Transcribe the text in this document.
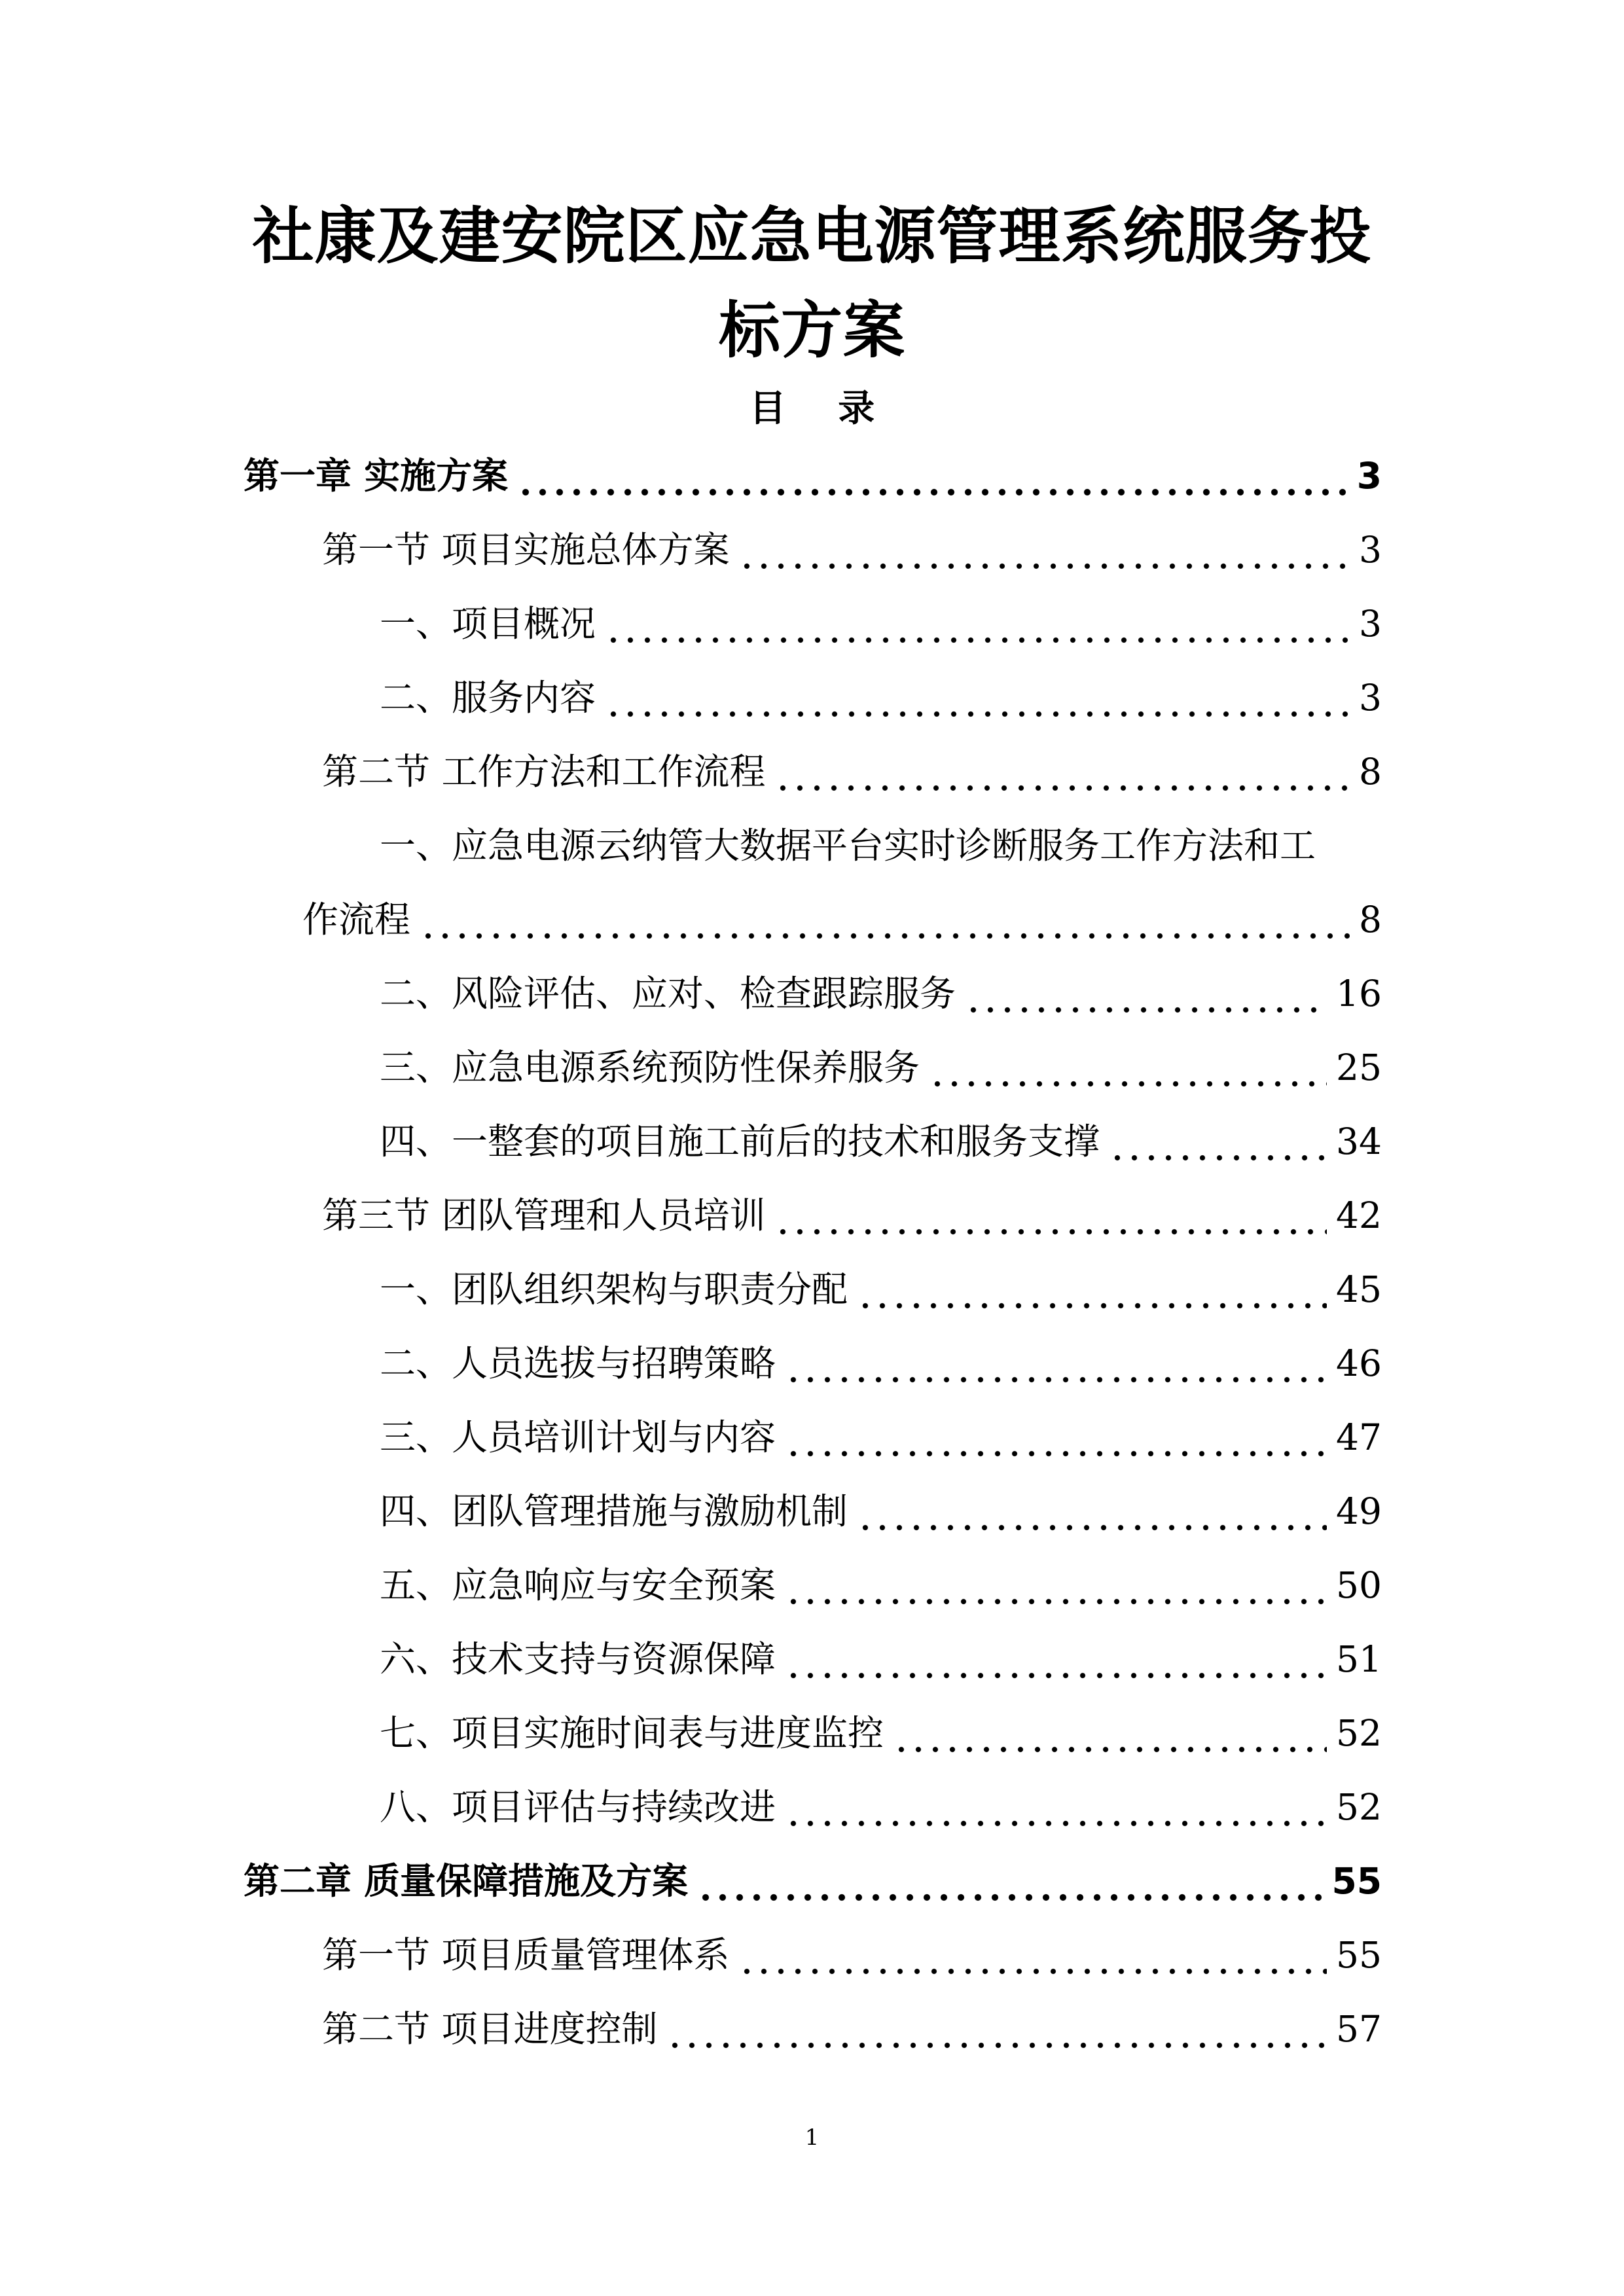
社康及建安院区应急电源管理系统服务投
标方案
目 录
第一章 实施方案	3
第一节 项目实施总体方案	3
一、项目概况	3
二、服务内容	3
第二节 工作方法和工作流程	8
一、应急电源云纳管大数据平台实时诊断服务工作方法和工
作流程	8
二、风险评估、应对、检查跟踪服务	16
三、应急电源系统预防性保养服务	25
四、一整套的项目施工前后的技术和服务支撑	34
第三节 团队管理和人员培训	42
一、团队组织架构与职责分配	45
二、人员选拔与招聘策略	46
三、人员培训计划与内容	47
四、团队管理措施与激励机制	49
五、应急响应与安全预案	50
六、技术支持与资源保障	51
七、项目实施时间表与进度监控	52
八、项目评估与持续改进	52
第二章 质量保障措施及方案	55
第一节 项目质量管理体系	55
第二节 项目进度控制	57
1
